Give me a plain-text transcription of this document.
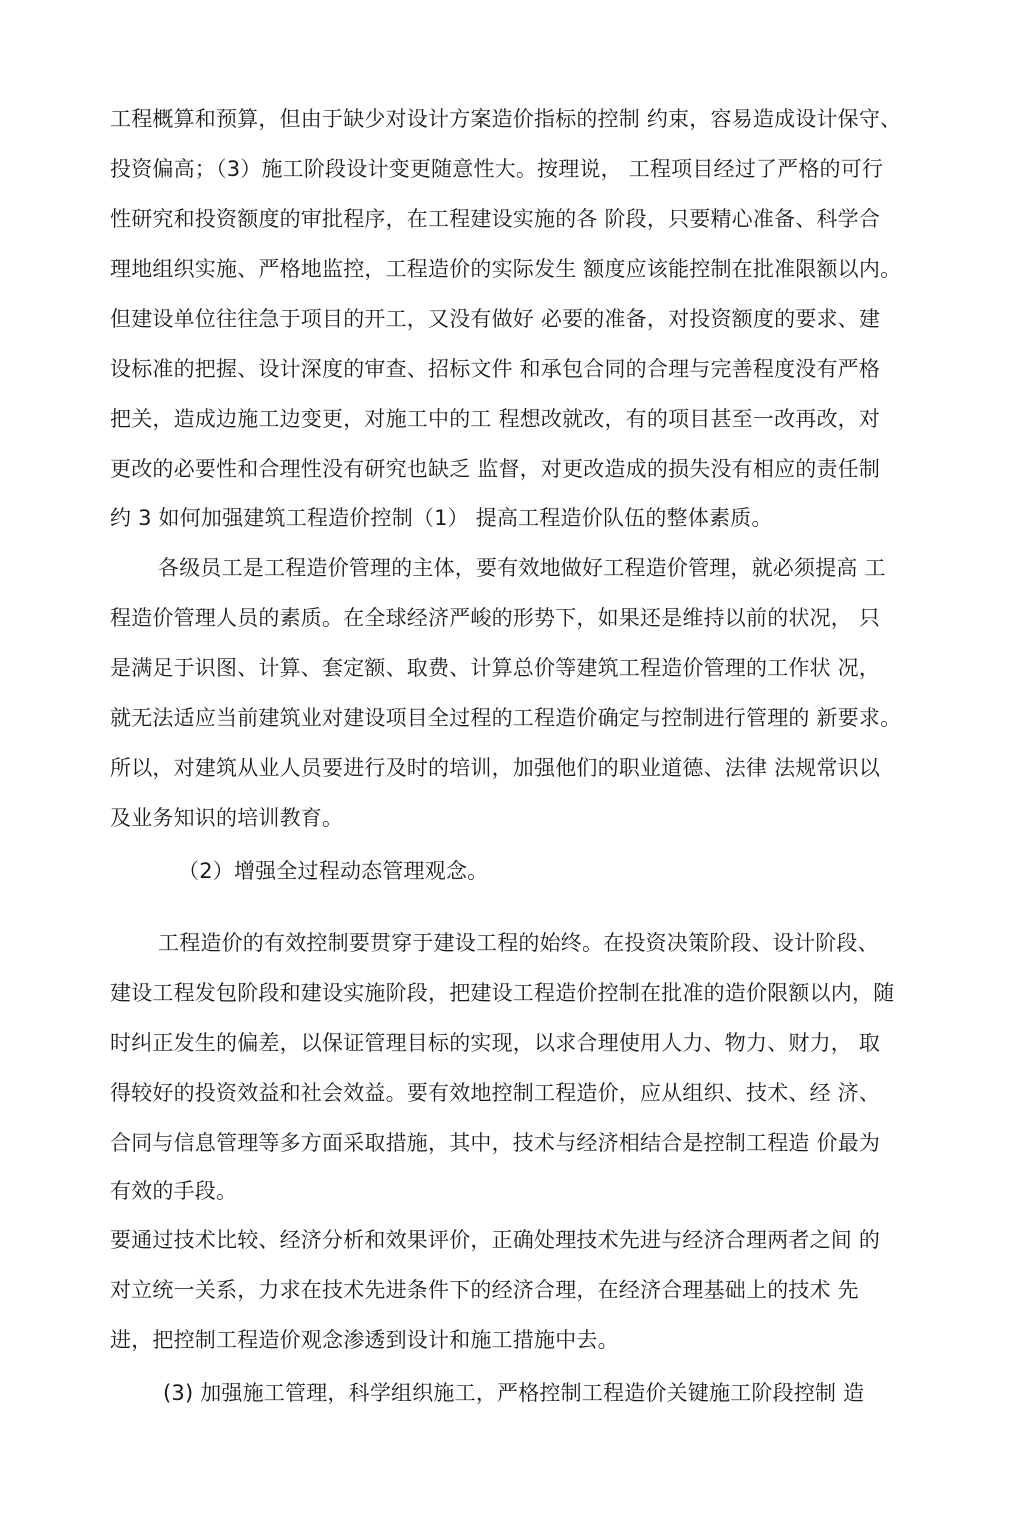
工程概算和预算，但由于缺少对设计方案造价指标的控制 约束，容易造成设计保守、
投资偏高；（3）施工阶段设计变更随意性大。按理说， 工程项目经过了严格的可行
性研究和投资额度的审批程序，在工程建设实施的各 阶段，只要精心准备、科学合
理地组织实施、严格地监控，工程造价的实际发生 额度应该能控制在批准限额以内。
但建设单位往往急于项目的开工，又没有做好 必要的准备，对投资额度的要求、建
设标准的把握、设计深度的审查、招标文件 和承包合同的合理与完善程度没有严格
把关，造成边施工边变更，对施工中的工 程想改就改，有的项目甚至一改再改，对
更改的必要性和合理性没有研究也缺乏 监督，对更改造成的损失没有相应的责任制
约 3 如何加强建筑工程造价控制（1） 提高工程造价队伍的整体素质。
各级员工是工程造价管理的主体，要有效地做好工程造价管理，就必须提高 工
程造价管理人员的素质。在全球经济严峻的形势下，如果还是维持以前的状况， 只
是满足于识图、计算、套定额、取费、计算总价等建筑工程造价管理的工作状 况，
就无法适应当前建筑业对建设项目全过程的工程造价确定与控制进行管理的 新要求。
所以，对建筑从业人员要进行及时的培训，加强他们的职业道德、法律 法规常识以
及业务知识的培训教育。
（2）增强全过程动态管理观念。
工程造价的有效控制要贯穿于建设工程的始终。在投资决策阶段、设计阶段、
建设工程发包阶段和建设实施阶段，把建设工程造价控制在批准的造价限额以内，随
时纠正发生的偏差，以保证管理目标的实现，以求合理使用人力、物力、财力， 取
得较好的投资效益和社会效益。要有效地控制工程造价，应从组织、技术、经 济、
合同与信息管理等多方面采取措施，其中，技术与经济相结合是控制工程造 价最为
有效的手段。
要通过技术比较、经济分析和效果评价，正确处理技术先进与经济合理两者之间 的
对立统一关系，力求在技术先进条件下的经济合理，在经济合理基础上的技术 先
进，把控制工程造价观念渗透到设计和施工措施中去。
(3) 加强施工管理，科学组织施工，严格控制工程造价关键施工阶段控制 造
